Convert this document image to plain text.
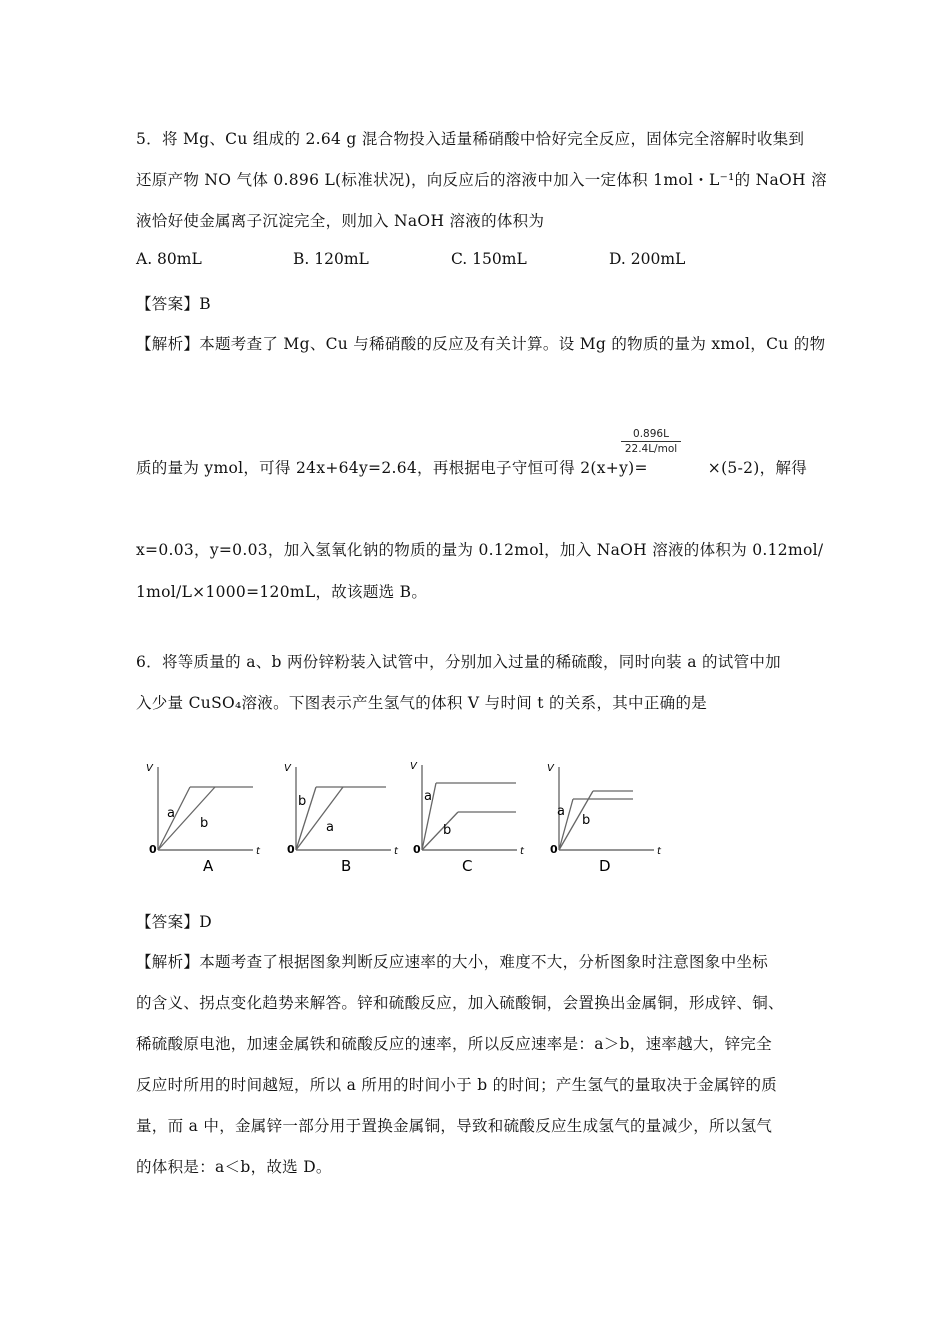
5．将 Mg、Cu 组成的 2.64 g 混合物投入适量稀硝酸中恰好完全反应，固体完全溶解时收集到
还原产物 NO 气体 0.896 L(标准状况)，向反应后的溶液中加入一定体积 1mol・L⁻¹的 NaOH 溶
液恰好使金属离子沉淀完全，则加入 NaOH 溶液的体积为
A. 80mL	B. 120mL	C. 150mL	D. 200mL
【答案】B
【解析】本题考查了 Mg、Cu 与稀硝酸的反应及有关计算。设 Mg 的物质的量为 xmol，Cu 的物
质的量为 ymol，可得 24x+64y=2.64，再根据电子守恒可得 2(x+y)=	×(5-2)，解得
0.896L
22.4L/mol
x=0.03，y=0.03，加入氢氧化钠的物质的量为 0.12mol，加入 NaOH 溶液的体积为 0.12mol/
1mol/L×1000=120mL，故该题选 B。
6．将等质量的 a、b 两份锌粉装入试管中，分别加入过量的稀硫酸，同时向装 a 的试管中加
入少量 CuSO₄溶液。下图表示产生氢气的体积 V 与时间 t 的关系，其中正确的是
V
t
0
a
b
A
V
t
0
b
a
B
V
t
0
a
b
C
V
t
0
a
b
D
【答案】D
【解析】本题考查了根据图象判断反应速率的大小，难度不大，分析图象时注意图象中坐标
的含义、拐点变化趋势来解答。锌和硫酸反应，加入硫酸铜，会置换出金属铜，形成锌、铜、
稀硫酸原电池，加速金属铁和硫酸反应的速率，所以反应速率是：a＞b，速率越大，锌完全
反应时所用的时间越短，所以 a 所用的时间小于 b 的时间；产生氢气的量取决于金属锌的质
量，而 a 中，金属锌一部分用于置换金属铜，导致和硫酸反应生成氢气的量减少，所以氢气
的体积是：a＜b，故选 D。
